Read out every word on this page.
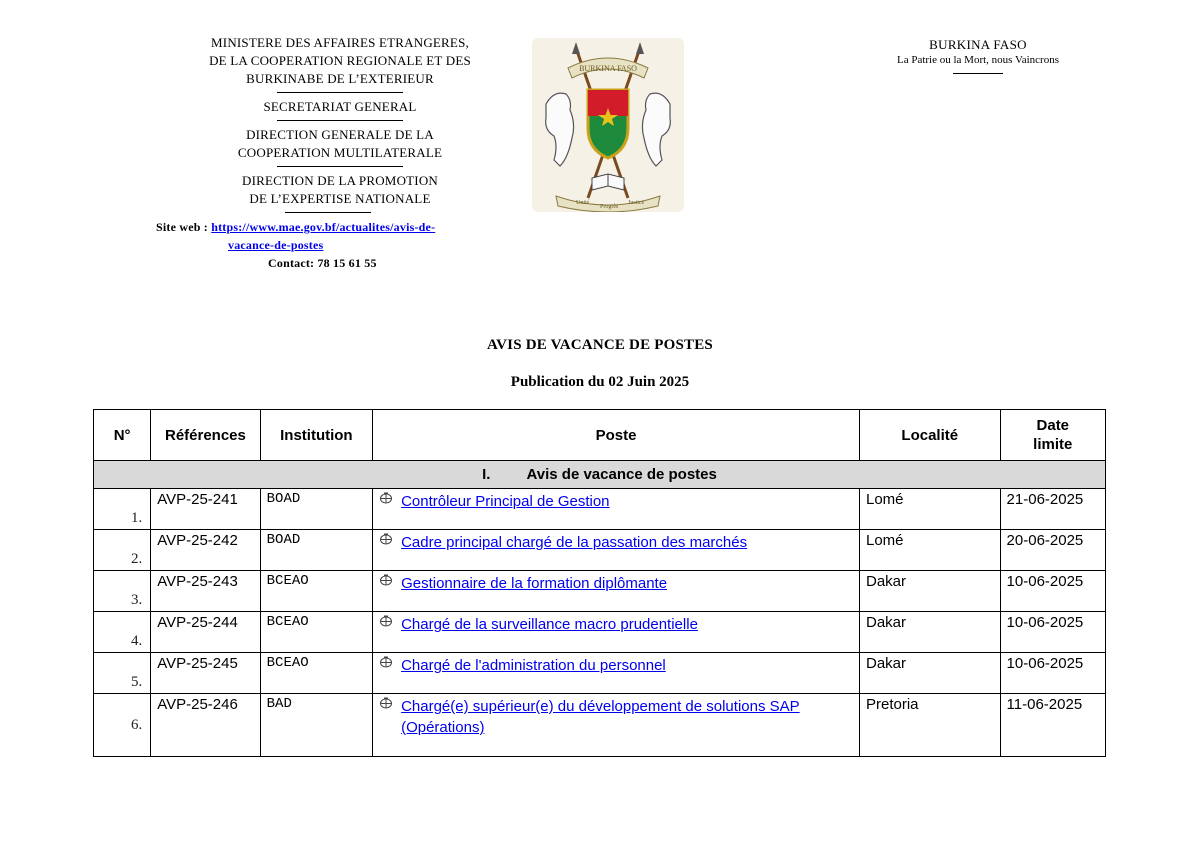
MINISTERE DES AFFAIRES ETRANGERES,
DE LA COOPERATION REGIONALE ET DES
BURKINABE DE L’EXTERIEUR
SECRETARIAT GENERAL
DIRECTION GENERALE DE LA
COOPERATION MULTILATERALE
DIRECTION DE LA PROMOTION
DE L’EXPERTISE NATIONALE
Site web : https://www.mae.gov.bf/actualites/avis-de-
vacance-de-postes
Contact: 78 15 61 55
BURKINA FASO
Unité
Progrès
Justice
BURKINA FASO
La Patrie ou la Mort, nous Vaincrons
AVIS DE VACANCE DE POSTES
Publication du 02 Juin 2025
N°	Références	Institution	Poste	Localité	Date
limite
I. Avis de vacance de postes					
1.	AVP-25-241	BOAD	Contrôleur Principal de Gestion	Lomé	21-06-2025
2.	AVP-25-242	BOAD	Cadre principal chargé de la passation des marchés	Lomé	20-06-2025
3.	AVP-25-243	BCEAO	Gestionnaire de la formation diplômante	Dakar	10-06-2025
4.	AVP-25-244	BCEAO	Chargé de la surveillance macro prudentielle	Dakar	10-06-2025
5.	AVP-25-245	BCEAO	Chargé de l'administration du personnel	Dakar	10-06-2025
6.	AVP-25-246	BAD	Chargé(e) supérieur(e) du développement de solutions SAP (Opérations)	Pretoria	11-06-2025
